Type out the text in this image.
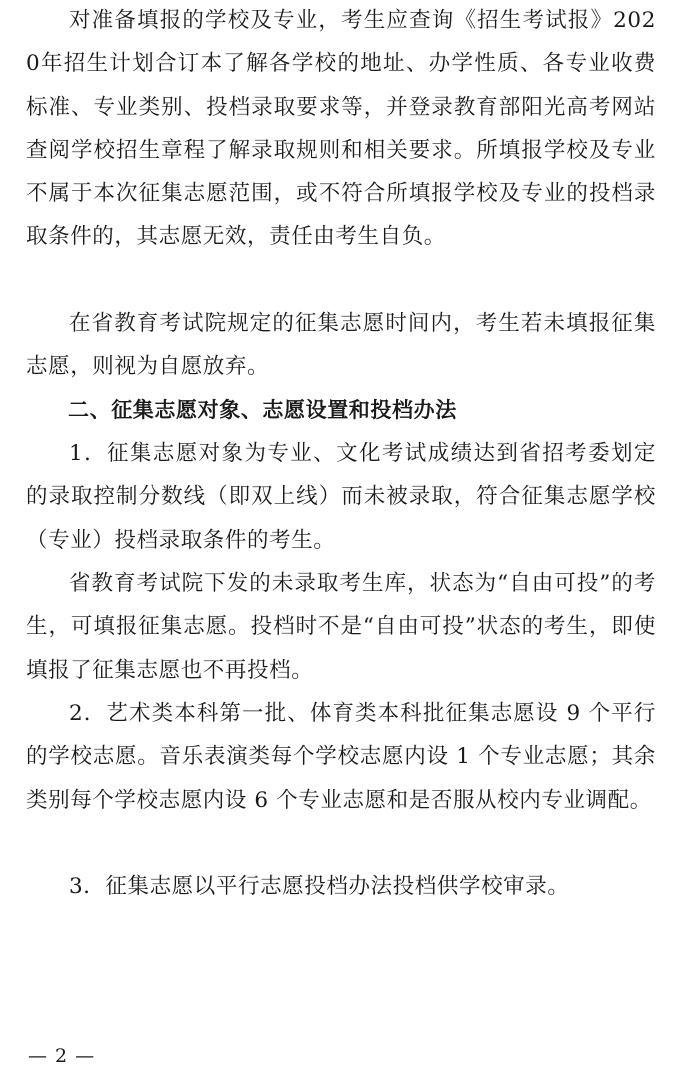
对准备填报的学校及专业，考生应查询《招生考试报》2020年招生计划合订本了解各学校的地址、办学性质、各专业收费标准、专业类别、投档录取要求等，并登录教育部阳光高考网站查阅学校招生章程了解录取规则和相关要求。所填报学校及专业不属于本次征集志愿范围，或不符合所填报学校及专业的投档录取条件的，其志愿无效，责任由考生自负。

在省教育考试院规定的征集志愿时间内，考生若未填报征集志愿，则视为自愿放弃。

二、征集志愿对象、志愿设置和投档办法

1．征集志愿对象为专业、文化考试成绩达到省招考委划定的录取控制分数线（即双上线）而未被录取，符合征集志愿学校（专业）投档录取条件的考生。

省教育考试院下发的未录取考生库，状态为“自由可投”的考生，可填报征集志愿。投档时不是“自由可投”状态的考生，即使填报了征集志愿也不再投档。

2．艺术类本科第一批、体育类本科批征集志愿设 9 个平行的学校志愿。音乐表演类每个学校志愿内设 1 个专业志愿；其余类别每个学校志愿内设 6 个专业志愿和是否服从校内专业调配。

3．征集志愿以平行志愿投档办法投档供学校审录。

— 2 —
